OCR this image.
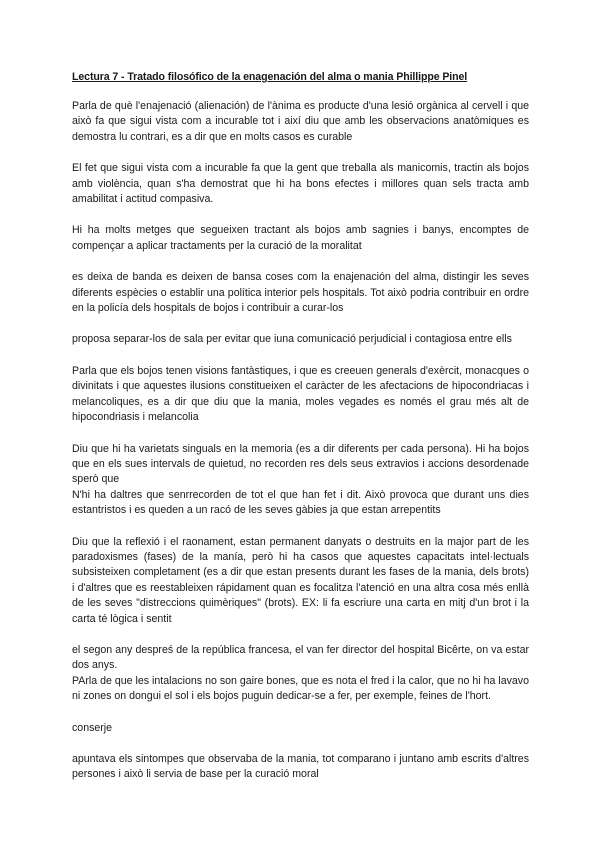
Lectura 7 - Tratado filosófico de la enagenación del alma o mania Phillippe Pinel

Parla de què l'enajenació (alienación) de l'ànima es producte d'una lesió orgànica al cervell i que això fa que sigui vista com a incurable tot i així diu que amb les observacions anatòmiques es demostra lu contrari, es a dir que en molts casos es curable

El fet que sigui vista com a incurable fa que la gent que treballa als manicomis, tractin als bojos amb violència, quan s'ha demostrat que hi ha bons efectes i millores quan sels tracta amb amabilitat i actitud compasiva.

Hi ha molts metges que segueixen tractant als bojos amb sagnies i banys, encomptes de compençar a aplicar tractaments per la curació de la moralitat

es deixa de banda es deixen de bansa coses com la enajenación del alma, distingir les seves diferents espècies o establir una política interior pels hospitals. Tot això podria contribuir en ordre en la policía dels hospitals de bojos i contribuir a curar-los

proposa separar-los de sala per evitar que iuna comunicació perjudicial i contagiosa entre ells

Parla que els bojos tenen visions fantàstiques, i que es creeuen generals d'exèrcit, monacques o divinitats i que aquestes ilusions constitueixen el caràcter de les afectacions de hipocondriacas i melancoliques, es a dir que diu que la mania, moles vegades es només el grau més alt de hipocondriasis i melancolia

Diu que hi ha varietats singuals en la memoria (es a dir diferents per cada persona). Hi ha bojos que en els sues intervals de quietud, no recorden res dels seus extravios i accions desordenade sperò que

N'hi ha daltres que senrrecorden de tot el que han fet i dit. Això provoca que durant uns dies estantristos i es queden a un racó de les seves gàbies ja que estan arrepentits

Diu que la reflexió i el raonament, estan permanent danyats o destruits en la major part de les paradoxismes (fases) de la manía, però hi ha casos que aquestes capacitats intel·lectuals subsisteixen completament (es a dir que estan presents durant les fases de la mania, dels brots) i d'altres que es reestableixen rápidament quan es focalitza l'atenció en una altra cosa més enllà de les seves "distreccions quimèriques" (brots). EX: li fa escriure una carta en mitj d'un brot i la carta té lògica i sentit

el segon any despreś de la república francesa, el van fer director del hospital Bicêrte, on va estar dos anys.

PArla de que les intalacions no son gaire bones, que es nota el fred i la calor, que no hi ha lavavo ni zones on dongui el sol i els bojos puguin dedicar-se a fer, per exemple, feines de l'hort.

conserje

apuntava els sintompes que observaba de la mania, tot comparano i juntano amb escrits d'altres persones i això li servia de base per la curació moral
